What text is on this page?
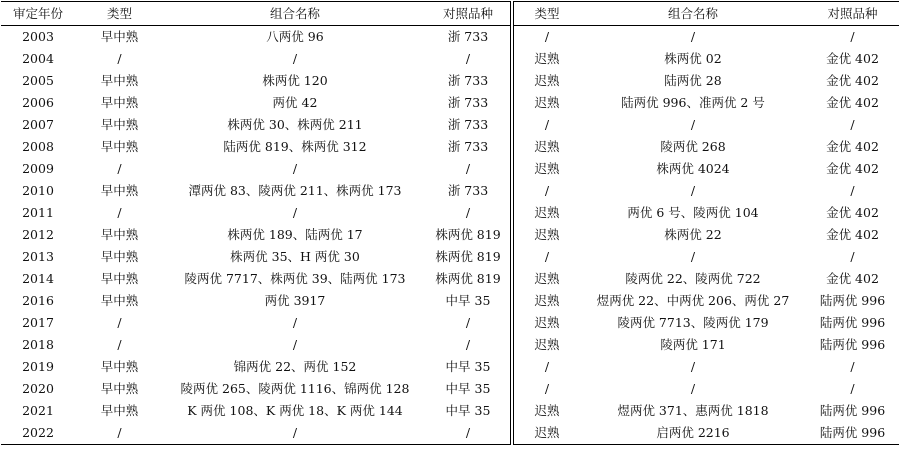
审定年份	类型	组合名称	对照品种	类型	组合名称	对照品种
2003	早中熟	八两优 96	浙 733	/	/	/
2004	/	/	/	迟熟	株两优 02	金优 402
2005	早中熟	株两优 120	浙 733	迟熟	陆两优 28	金优 402
2006	早中熟	两优 42	浙 733	迟熟	陆两优 996、准两优 2 号	金优 402
2007	早中熟	株两优 30、株两优 211	浙 733	/	/	/
2008	早中熟	陆两优 819、株两优 312	浙 733	迟熟	陵两优 268	金优 402
2009	/	/	/	迟熟	株两优 4024	金优 402
2010	早中熟	潭两优 83、陵两优 211、株两优 173	浙 733	/	/	/
2011	/	/	/	迟熟	两优 6 号、陵两优 104	金优 402
2012	早中熟	株两优 189、陆两优 17	株两优 819	迟熟	株两优 22	金优 402
2013	早中熟	株两优 35、H 两优 30	株两优 819	/	/	/
2014	早中熟	陵两优 7717、株两优 39、陆两优 173	株两优 819	迟熟	陵两优 22、陵两优 722	金优 402
2016	早中熟	两优 3917	中早 35	迟熟	煜两优 22、中两优 206、两优 27	陆两优 996
2017	/	/	/	迟熟	陵两优 7713、陵两优 179	陆两优 996
2018	/	/	/	迟熟	陵两优 171	陆两优 996
2019	早中熟	锦两优 22、两优 152	中早 35	/	/	/
2020	早中熟	陵两优 265、陵两优 1116、锦两优 128	中早 35	/	/	/
2021	早中熟	K 两优 108、K 两优 18、K 两优 144	中早 35	迟熟	煜两优 371、惠两优 1818	陆两优 996
2022	/	/	/	迟熟	启两优 2216	陆两优 996
